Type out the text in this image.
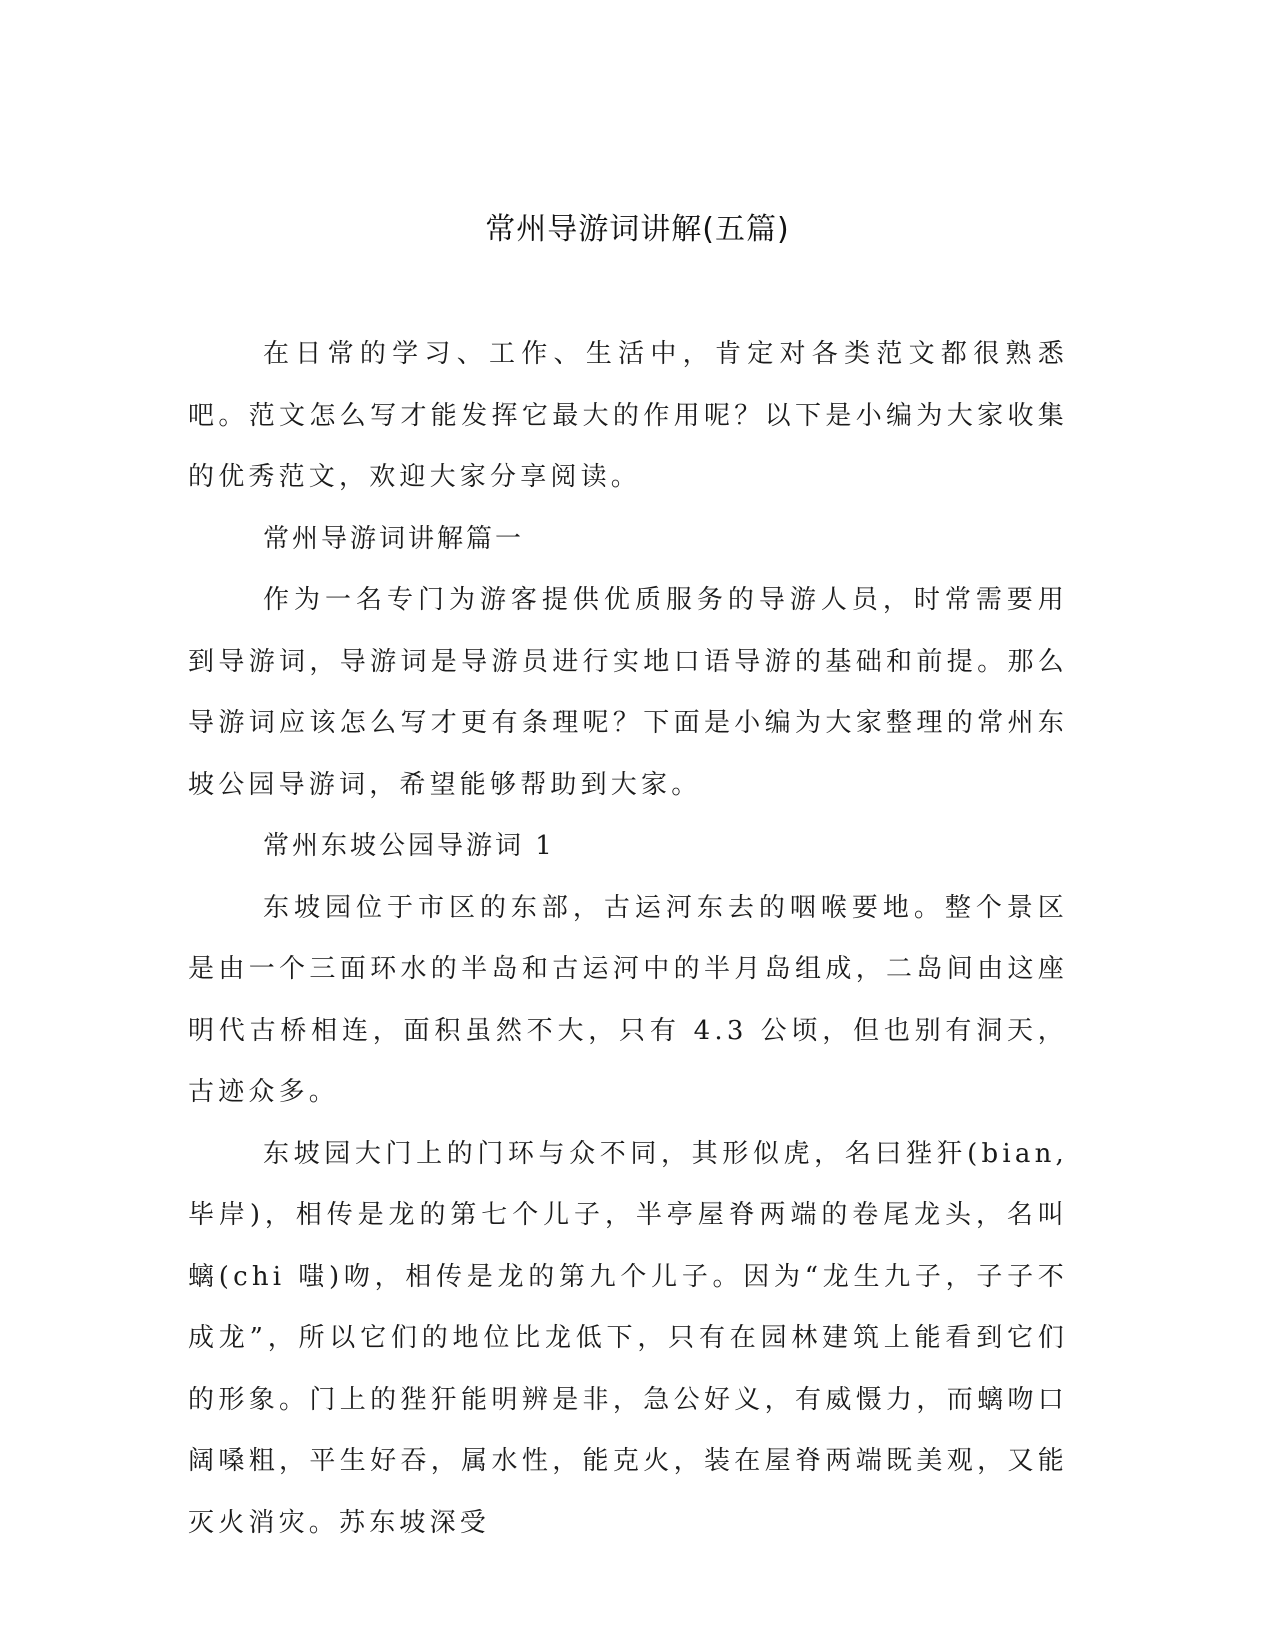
常州导游词讲解(五篇)

在日常的学习、工作、生活中，肯定对各类范文都很熟悉吧。范文怎么写才能发挥它最大的作用呢？以下是小编为大家收集的优秀范文，欢迎大家分享阅读。

常州导游词讲解篇一

作为一名专门为游客提供优质服务的导游人员，时常需要用到导游词，导游词是导游员进行实地口语导游的基础和前提。那么导游词应该怎么写才更有条理呢？下面是小编为大家整理的常州东坡公园导游词，希望能够帮助到大家。

常州东坡公园导游词 1

东坡园位于市区的东部，古运河东去的咽喉要地。整个景区是由一个三面环水的半岛和古运河中的半月岛组成，二岛间由这座明代古桥相连，面积虽然不大，只有 4.3 公顷，但也别有洞天，古迹众多。

东坡园大门上的门环与众不同，其形似虎，名曰狴犴(bian,毕岸)，相传是龙的第七个儿子，半亭屋脊两端的卷尾龙头，名叫螭(chi 嗤)吻，相传是龙的第九个儿子。因为“龙生九子，子子不成龙”，所以它们的地位比龙低下，只有在园林建筑上能看到它们的形象。门上的狴犴能明辨是非，急公好义，有威慑力，而螭吻口阔嗓粗，平生好吞，属水性，能克火，装在屋脊两端既美观，又能灭火消灾。苏东坡深受
